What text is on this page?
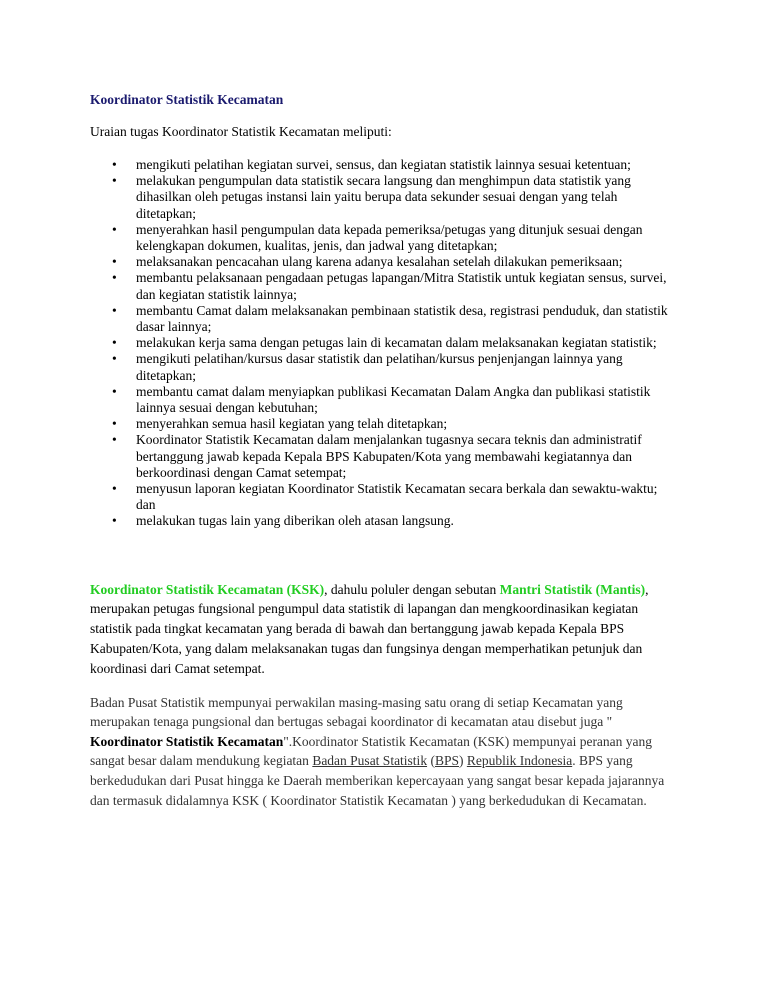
Koordinator Statistik Kecamatan
Uraian tugas Koordinator Statistik Kecamatan meliputi:
• mengikuti pelatihan kegiatan survei, sensus, dan kegiatan statistik lainnya sesuai ketentuan;
• melakukan pengumpulan data statistik secara langsung dan menghimpun data statistik yang dihasilkan oleh petugas instansi lain yaitu berupa data sekunder sesuai dengan yang telah ditetapkan;
• menyerahkan hasil pengumpulan data kepada pemeriksa/petugas yang ditunjuk sesuai dengan kelengkapan dokumen, kualitas, jenis, dan jadwal yang ditetapkan;
• melaksanakan pencacahan ulang karena adanya kesalahan setelah dilakukan pemeriksaan;
• membantu pelaksanaan pengadaan petugas lapangan/Mitra Statistik untuk kegiatan sensus, survei, dan kegiatan statistik lainnya;
• membantu Camat dalam melaksanakan pembinaan statistik desa, registrasi penduduk, dan statistik dasar lainnya;
• melakukan kerja sama dengan petugas lain di kecamatan dalam melaksanakan kegiatan statistik;
• mengikuti pelatihan/kursus dasar statistik dan pelatihan/kursus penjenjangan lainnya yang ditetapkan;
• membantu camat dalam menyiapkan publikasi Kecamatan Dalam Angka dan publikasi statistik lainnya sesuai dengan kebutuhan;
• menyerahkan semua hasil kegiatan yang telah ditetapkan;
• Koordinator Statistik Kecamatan dalam menjalankan tugasnya secara teknis dan administratif bertanggung jawab kepada Kepala BPS Kabupaten/Kota yang membawahi kegiatannya dan berkoordinasi dengan Camat setempat;
• menyusun laporan kegiatan Koordinator Statistik Kecamatan secara berkala dan sewaktu-waktu; dan
• melakukan tugas lain yang diberikan oleh atasan langsung.

Koordinator Statistik Kecamatan (KSK), dahulu poluler dengan sebutan Mantri Statistik (Mantis), merupakan petugas fungsional pengumpul data statistik di lapangan dan mengkoordinasikan kegiatan statistik pada tingkat kecamatan yang berada di bawah dan bertanggung jawab kepada Kepala BPS Kabupaten/Kota, yang dalam melaksanakan tugas dan fungsinya dengan memperhatikan petunjuk dan koordinasi dari Camat setempat.

Badan Pusat Statistik mempunyai perwakilan masing-masing satu orang di setiap Kecamatan yang merupakan tenaga pungsional dan bertugas sebagai koordinator di kecamatan atau disebut juga " Koordinator Statistik Kecamatan".Koordinator Statistik Kecamatan (KSK) mempunyai peranan yang sangat besar dalam mendukung kegiatan Badan Pusat Statistik (BPS) Republik Indonesia. BPS yang berkedudukan dari Pusat hingga ke Daerah memberikan kepercayaan yang sangat besar kepada jajarannya dan termasuk didalamnya KSK ( Koordinator Statistik Kecamatan ) yang berkedudukan di Kecamatan.
